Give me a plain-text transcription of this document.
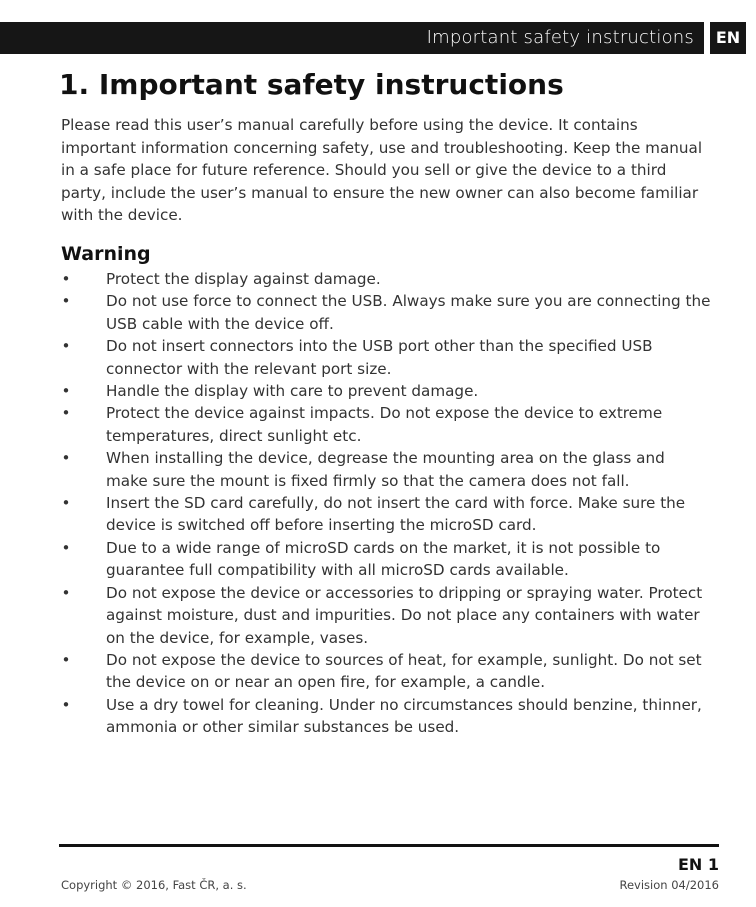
Important safety instructions	EN
1. Important safety instructions

Please read this user’s manual carefully before using the device. It contains important information concerning safety, use and troubleshooting. Keep the manual in a safe place for future reference. Should you sell or give the device to a third party, include the user’s manual to ensure the new owner can also become familiar with the device.

Warning
• Protect the display against damage.
• Do not use force to connect the USB. Always make sure you are connecting the USB cable with the device off.
• Do not insert connectors into the USB port other than the specified USB connector with the relevant port size.
• Handle the display with care to prevent damage.
• Protect the device against impacts. Do not expose the device to extreme temperatures, direct sunlight etc.
• When installing the device, degrease the mounting area on the glass and make sure the mount is fixed firmly so that the camera does not fall.
• Insert the SD card carefully, do not insert the card with force. Make sure the device is switched off before inserting the microSD card.
• Due to a wide range of microSD cards on the market, it is not possible to guarantee full compatibility with all microSD cards available.
• Do not expose the device or accessories to dripping or spraying water. Protect against moisture, dust and impurities. Do not place any containers with water on the device, for example, vases.
• Do not expose the device to sources of heat, for example, sunlight. Do not set the device on or near an open fire, for example, a candle.
• Use a dry towel for cleaning. Under no circumstances should benzine, thinner, ammonia or other similar substances be used.
EN 1
Copyright © 2016, Fast ČR, a. s.	Revision 04/2016
